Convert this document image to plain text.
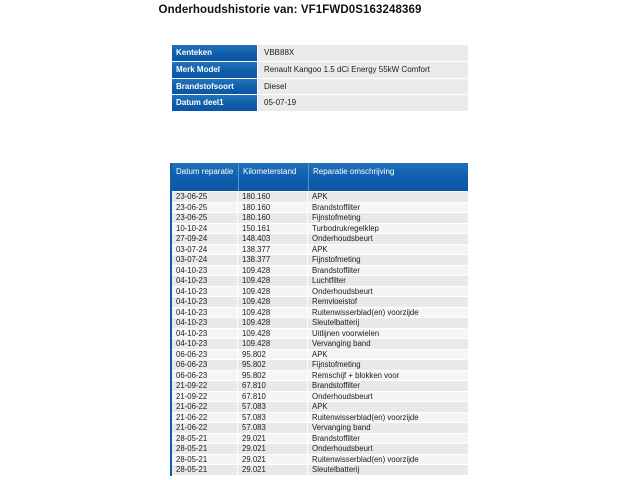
Onderhoudshistorie van: VF1FWD0S163248369
Kenteken	VBB88X
Merk Model	Renault Kangoo 1.5 dCi Energy 55kW Comfort
Brandstofsoort	Diesel
Datum deel1	05-07-19
Datum reparatie	Kilometerstand	Reparatie omschrijving
23-06-25	180.160	APK
23-06-25	180.160	Brandstoffilter
23-06-25	180.160	Fijnstofmeting
10-10-24	150.161	Turbodrukregelklep
27-09-24	148.403	Onderhoudsbeurt
03-07-24	138.377	APK
03-07-24	138.377	Fijnstofmeting
04-10-23	109.428	Brandstoffilter
04-10-23	109.428	Luchtfilter
04-10-23	109.428	Onderhoudsbeurt
04-10-23	109.428	Remvloeistof
04-10-23	109.428	Ruitenwisserblad(en) voorzijde
04-10-23	109.428	Sleutelbatterij
04-10-23	109.428	Uitlijnen voorwielen
04-10-23	109.428	Vervanging band
06-06-23	95.802	APK
06-06-23	95.802	Fijnstofmeting
06-06-23	95.802	Remschijf + blokken voor
21-09-22	67.810	Brandstoffilter
21-09-22	67.810	Onderhoudsbeurt
21-06-22	57.083	APK
21-06-22	57.083	Ruitenwisserblad(en) voorzijde
21-06-22	57.083	Vervanging band
28-05-21	29.021	Brandstoffilter
28-05-21	29.021	Onderhoudsbeurt
28-05-21	29.021	Ruitenwisserblad(en) voorzijde
28-05-21	29.021	Sleutelbatterij
